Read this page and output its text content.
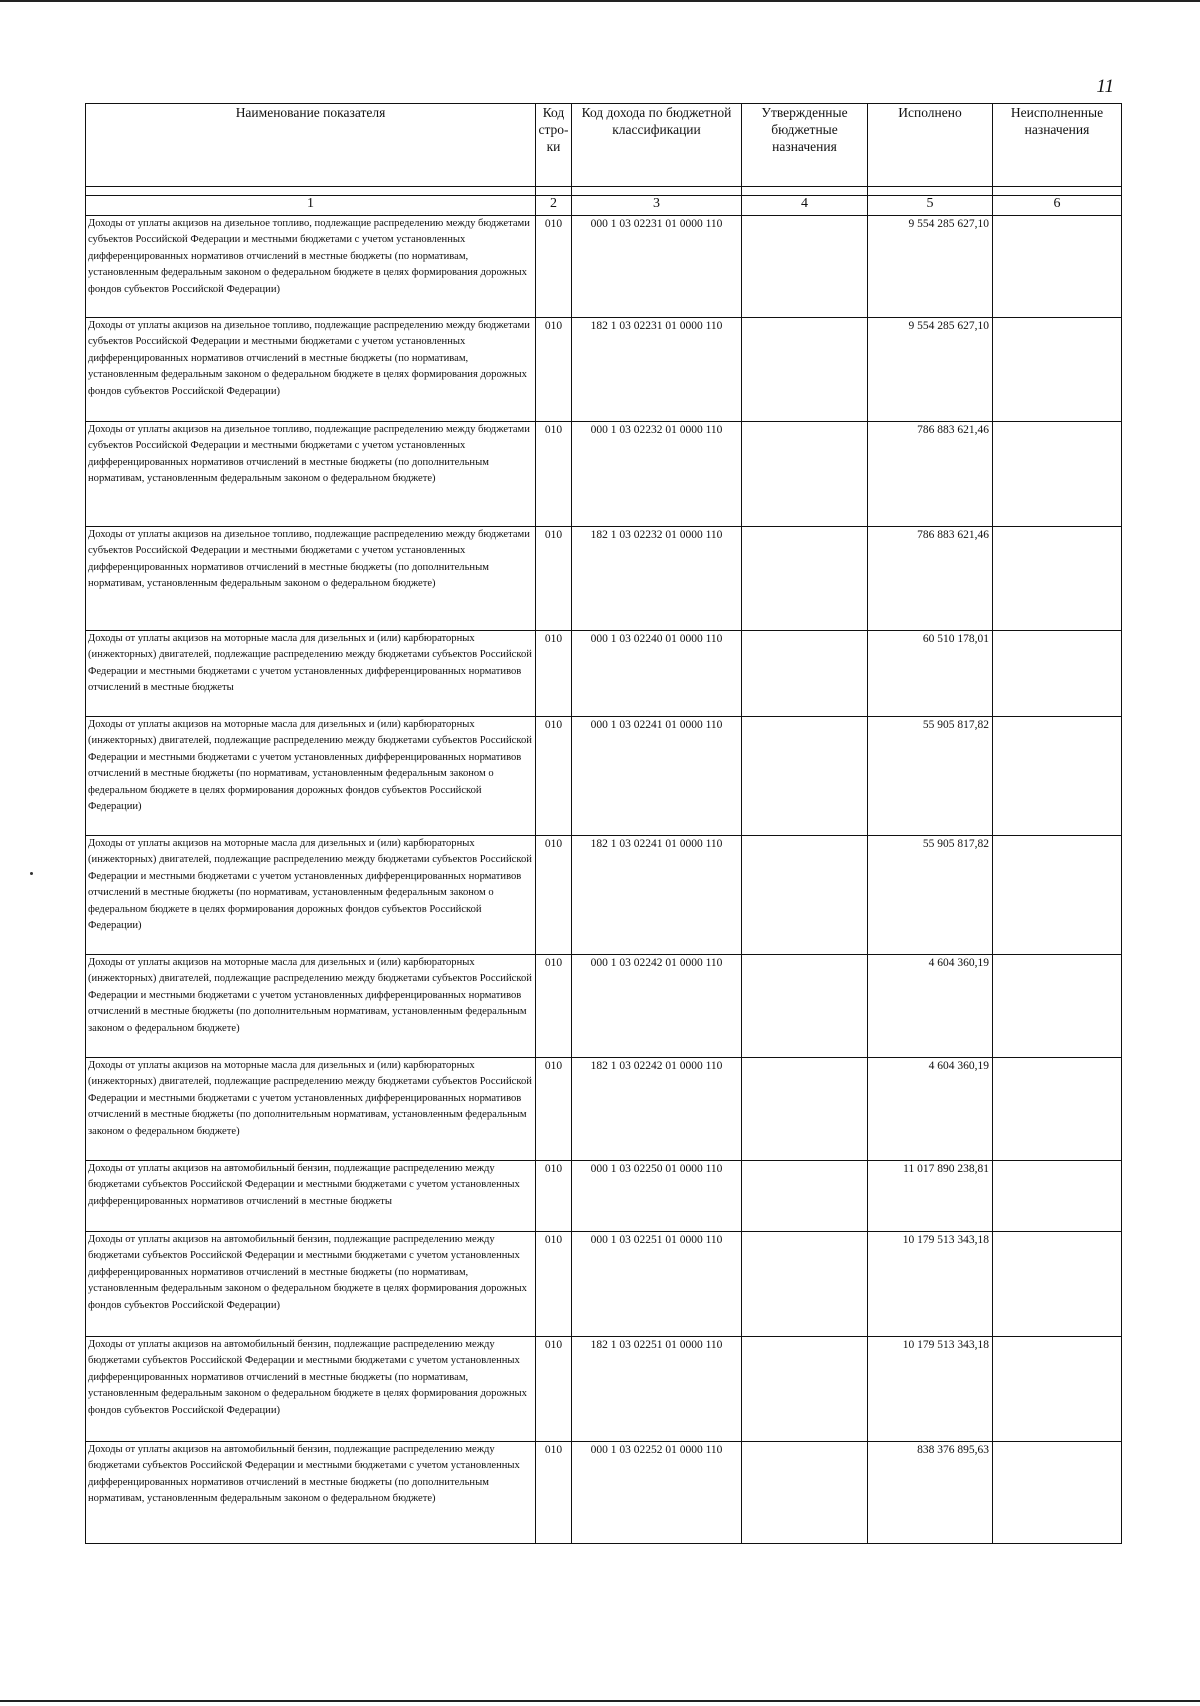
11
Наименование показателя	Код стро-ки	Код дохода по бюджетной классификации	Утвержденные бюджетные назначения	Исполнено	Неисполненные назначения

1	2	3	4	5	6
Доходы от уплаты акцизов на дизельное топливо, подлежащие распределению между бюджетами субъектов Российской Федерации и местными бюджетами с учетом установленных дифференцированных нормативов отчислений в местные бюджеты (по нормативам, установленным федеральным законом о федеральном бюджете в целях формирования дорожных фондов субъектов Российской Федерации)	010	000 1 03 02231 01 0000 110		9 554 285 627,10	
Доходы от уплаты акцизов на дизельное топливо, подлежащие распределению между бюджетами субъектов Российской Федерации и местными бюджетами с учетом установленных дифференцированных нормативов отчислений в местные бюджеты (по нормативам, установленным федеральным законом о федеральном бюджете в целях формирования дорожных фондов субъектов Российской Федерации)	010	182 1 03 02231 01 0000 110		9 554 285 627,10	
Доходы от уплаты акцизов на дизельное топливо, подлежащие распределению между бюджетами субъектов Российской Федерации и местными бюджетами с учетом установленных дифференцированных нормативов отчислений в местные бюджеты (по дополнительным нормативам, установленным федеральным законом о федеральном бюджете)	010	000 1 03 02232 01 0000 110		786 883 621,46	
Доходы от уплаты акцизов на дизельное топливо, подлежащие распределению между бюджетами субъектов Российской Федерации и местными бюджетами с учетом установленных дифференцированных нормативов отчислений в местные бюджеты (по дополнительным нормативам, установленным федеральным законом о федеральном бюджете)	010	182 1 03 02232 01 0000 110		786 883 621,46	
Доходы от уплаты акцизов на моторные масла для дизельных и (или) карбюраторных (инжекторных) двигателей, подлежащие распределению между бюджетами субъектов Российской Федерации и местными бюджетами с учетом установленных дифференцированных нормативов отчислений в местные бюджеты	010	000 1 03 02240 01 0000 110		60 510 178,01	
Доходы от уплаты акцизов на моторные масла для дизельных и (или) карбюраторных (инжекторных) двигателей, подлежащие распределению между бюджетами субъектов Российской Федерации и местными бюджетами с учетом установленных дифференцированных нормативов отчислений в местные бюджеты (по нормативам, установленным федеральным законом о федеральном бюджете в целях формирования дорожных фондов субъектов Российской Федерации)	010	000 1 03 02241 01 0000 110		55 905 817,82	
Доходы от уплаты акцизов на моторные масла для дизельных и (или) карбюраторных (инжекторных) двигателей, подлежащие распределению между бюджетами субъектов Российской Федерации и местными бюджетами с учетом установленных дифференцированных нормативов отчислений в местные бюджеты (по нормативам, установленным федеральным законом о федеральном бюджете в целях формирования дорожных фондов субъектов Российской Федерации)	010	182 1 03 02241 01 0000 110		55 905 817,82	
Доходы от уплаты акцизов на моторные масла для дизельных и (или) карбюраторных (инжекторных) двигателей, подлежащие распределению между бюджетами субъектов Российской Федерации и местными бюджетами с учетом установленных дифференцированных нормативов отчислений в местные бюджеты (по дополнительным нормативам, установленным федеральным законом о федеральном бюджете)	010	000 1 03 02242 01 0000 110		4 604 360,19	
Доходы от уплаты акцизов на моторные масла для дизельных и (или) карбюраторных (инжекторных) двигателей, подлежащие распределению между бюджетами субъектов Российской Федерации и местными бюджетами с учетом установленных дифференцированных нормативов отчислений в местные бюджеты (по дополнительным нормативам, установленным федеральным законом о федеральном бюджете)	010	182 1 03 02242 01 0000 110		4 604 360,19	
Доходы от уплаты акцизов на автомобильный бензин, подлежащие распределению между бюджетами субъектов Российской Федерации и местными бюджетами с учетом установленных дифференцированных нормативов отчислений в местные бюджеты	010	000 1 03 02250 01 0000 110		11 017 890 238,81	
Доходы от уплаты акцизов на автомобильный бензин, подлежащие распределению между бюджетами субъектов Российской Федерации и местными бюджетами с учетом установленных дифференцированных нормативов отчислений в местные бюджеты (по нормативам, установленным федеральным законом о федеральном бюджете в целях формирования дорожных фондов субъектов Российской Федерации)	010	000 1 03 02251 01 0000 110		10 179 513 343,18	
Доходы от уплаты акцизов на автомобильный бензин, подлежащие распределению между бюджетами субъектов Российской Федерации и местными бюджетами с учетом установленных дифференцированных нормативов отчислений в местные бюджеты (по нормативам, установленным федеральным законом о федеральном бюджете в целях формирования дорожных фондов субъектов Российской Федерации)	010	182 1 03 02251 01 0000 110		10 179 513 343,18	
Доходы от уплаты акцизов на автомобильный бензин, подлежащие распределению между бюджетами субъектов Российской Федерации и местными бюджетами с учетом установленных дифференцированных нормативов отчислений в местные бюджеты (по дополнительным нормативам, установленным федеральным законом о федеральном бюджете)	010	000 1 03 02252 01 0000 110		838 376 895,63	
